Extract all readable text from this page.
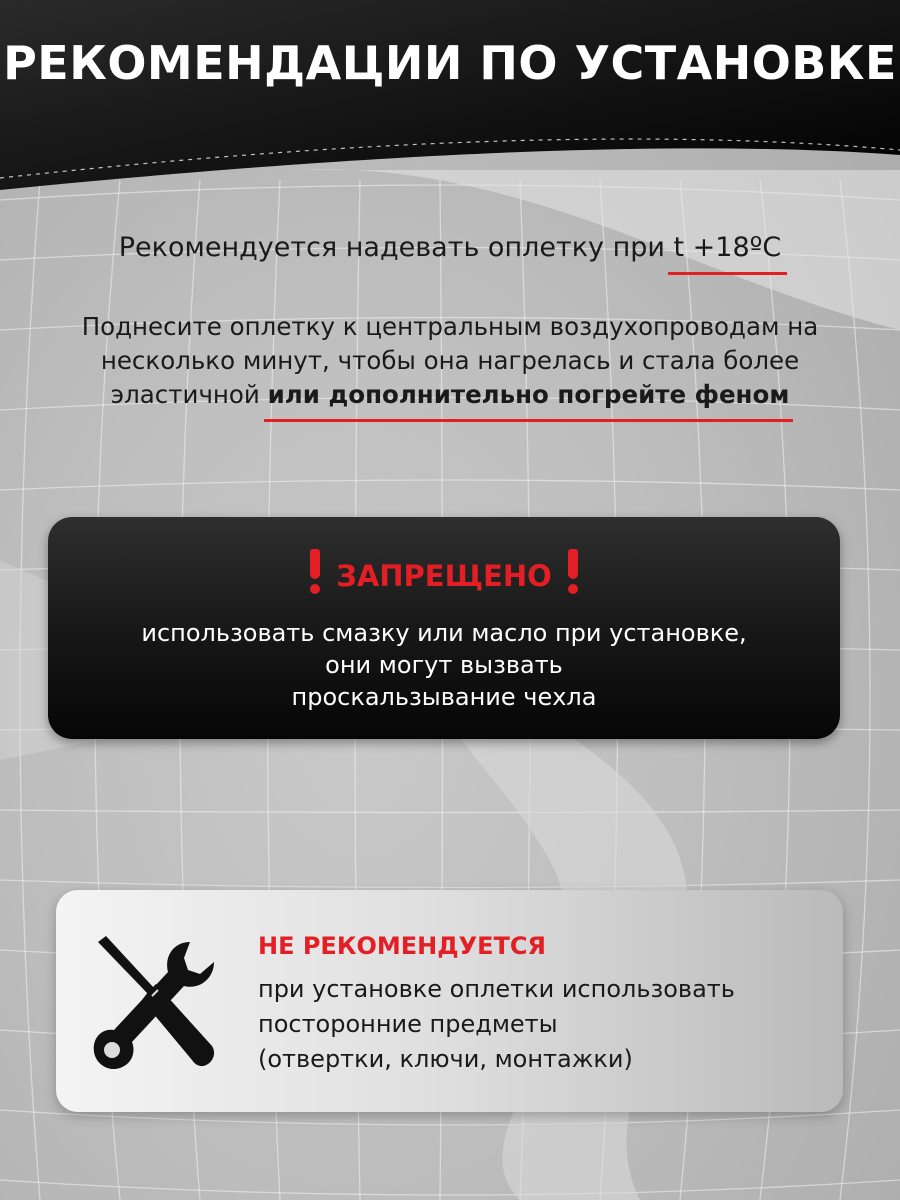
РЕКОМЕНДАЦИИ ПО УСТАНОВКЕ
Рекомендуется надевать оплетку при t +18ºC
Поднесите оплетку к центральным воздухопроводам на
несколько минут, чтобы она нагрелась и стала более
эластичной или дополнительно погрейте феном
ЗАПРЕЩЕНО
использовать смазку или масло при установке,
они могут вызвать
проскальзывание чехла
НЕ РЕКОМЕНДУЕТСЯ
при установке оплетки использовать
посторонние предметы
(отвертки, ключи, монтажки)
